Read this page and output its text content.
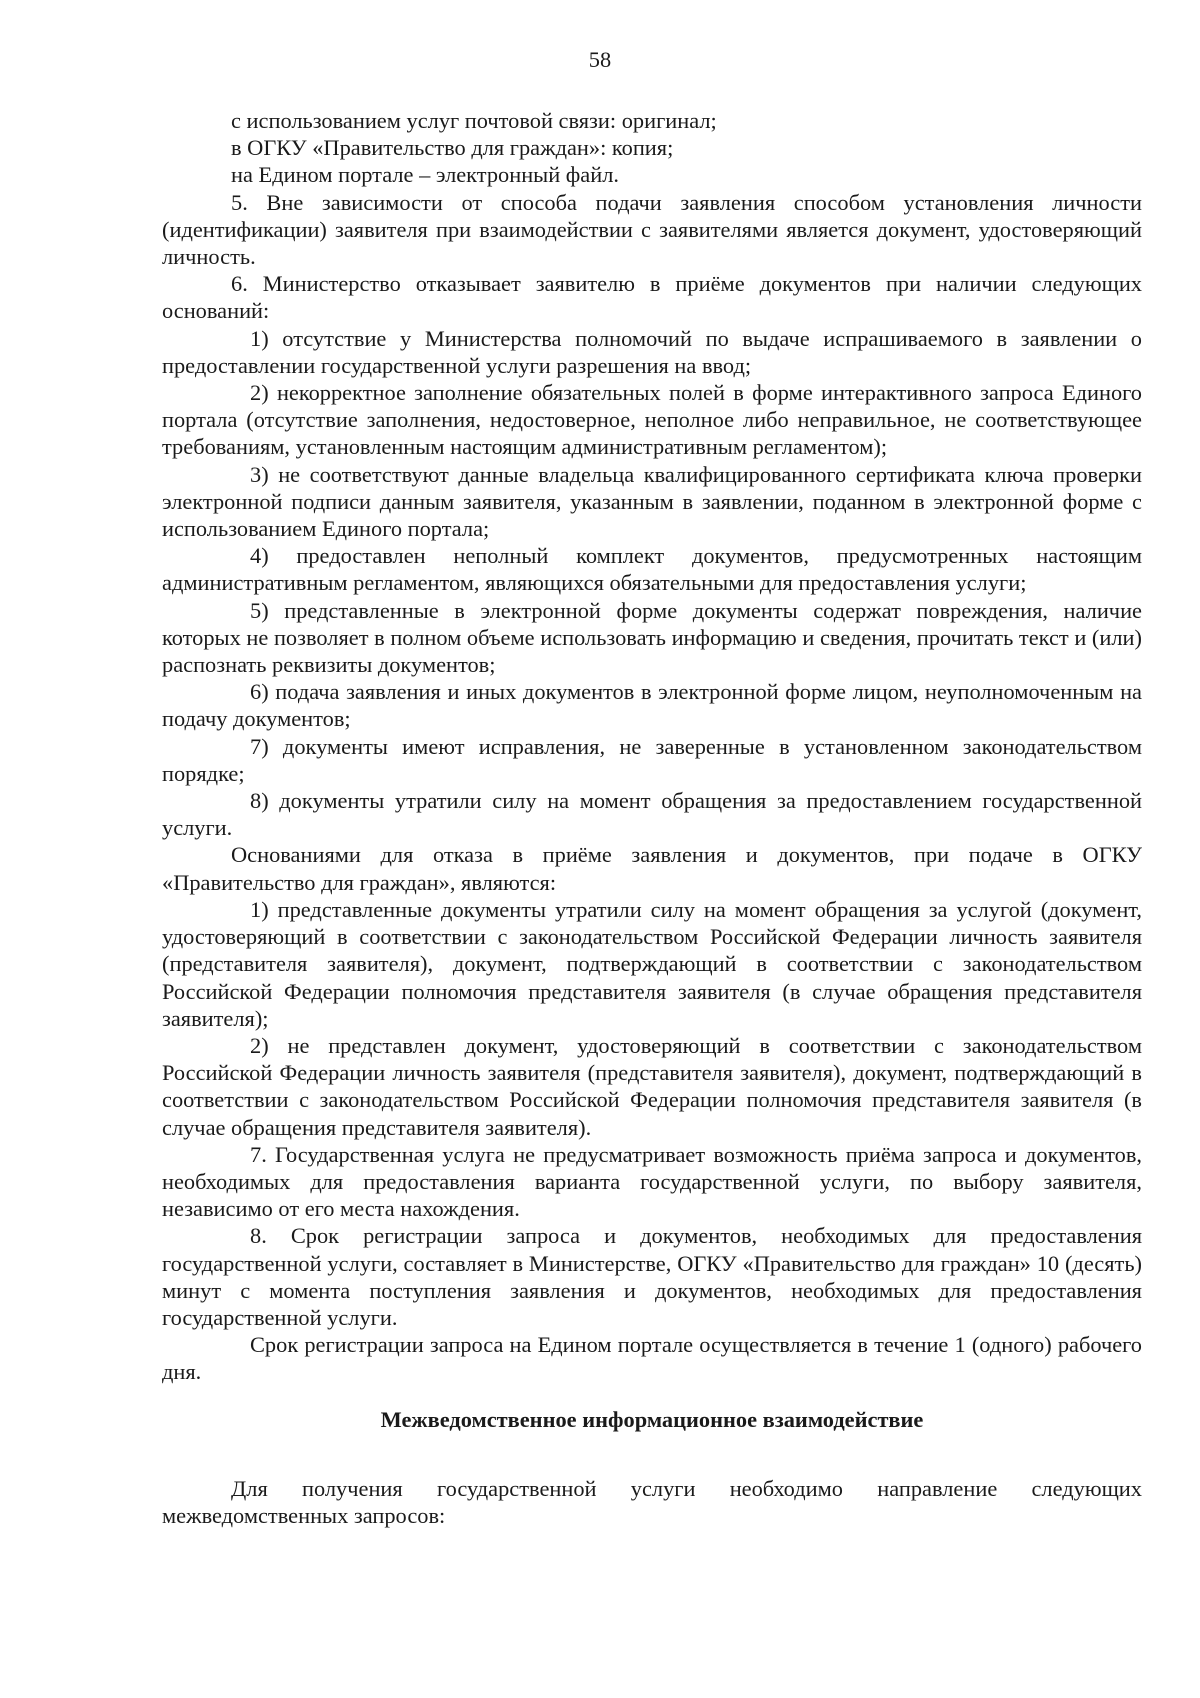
58

с использованием услуг почтовой связи: оригинал;

в ОГКУ «Правительство для граждан»: копия;

на Едином портале – электронный файл.

5. Вне зависимости от способа подачи заявления способом установления личности (идентификации) заявителя при взаимодействии с заявителями является документ, удостоверяющий личность.

6. Министерство отказывает заявителю в приёме документов при наличии следующих оснований:

1) отсутствие у Министерства полномочий по выдаче испрашиваемого в заявлении о предоставлении государственной услуги разрешения на ввод;

2) некорректное заполнение обязательных полей в форме интерактивного запроса Единого портала (отсутствие заполнения, недостоверное, неполное либо неправильное, не соответствующее требованиям, установленным настоящим административным регламентом);

3) не соответствуют данные владельца квалифицированного сертификата ключа проверки электронной подписи данным заявителя, указанным в заявлении, поданном в электронной форме с использованием Единого портала;

4) предоставлен неполный комплект документов, предусмотренных настоящим административным регламентом, являющихся обязательными для предоставления услуги;

5) представленные в электронной форме документы содержат повреждения, наличие которых не позволяет в полном объеме использовать информацию и сведения, прочитать текст и (или) распознать реквизиты документов;

6) подача заявления и иных документов в электронной форме лицом, неуполномоченным на подачу документов;

7) документы имеют исправления, не заверенные в установленном законодательством порядке;

8) документы утратили силу на момент обращения за предоставлением государственной услуги.

Основаниями для отказа в приёме заявления и документов, при подаче в ОГКУ «Правительство для граждан», являются:

1) представленные документы утратили силу на момент обращения за услугой (документ, удостоверяющий в соответствии с законодательством Российской Федерации личность заявителя (представителя заявителя), документ, подтверждающий в соответствии с законодательством Российской Федерации полномочия представителя заявителя (в случае обращения представителя заявителя);

2) не представлен документ, удостоверяющий в соответствии с законодательством Российской Федерации личность заявителя (представителя заявителя), документ, подтверждающий в соответствии с законодательством Российской Федерации полномочия представителя заявителя (в случае обращения представителя заявителя).

7. Государственная услуга не предусматривает возможность приёма запроса и документов, необходимых для предоставления варианта государственной услуги, по выбору заявителя, независимо от его места нахождения.

8. Срок регистрации запроса и документов, необходимых для предоставления государственной услуги, составляет в Министерстве, ОГКУ «Правительство для граждан» 10 (десять) минут с момента поступления заявления и документов, необходимых для предоставления государственной услуги.

Срок регистрации запроса на Едином портале осуществляется в течение 1 (одного) рабочего дня.

Межведомственное информационное взаимодействие

Для получения государственной услуги необходимо направление следующих межведомственных запросов:
